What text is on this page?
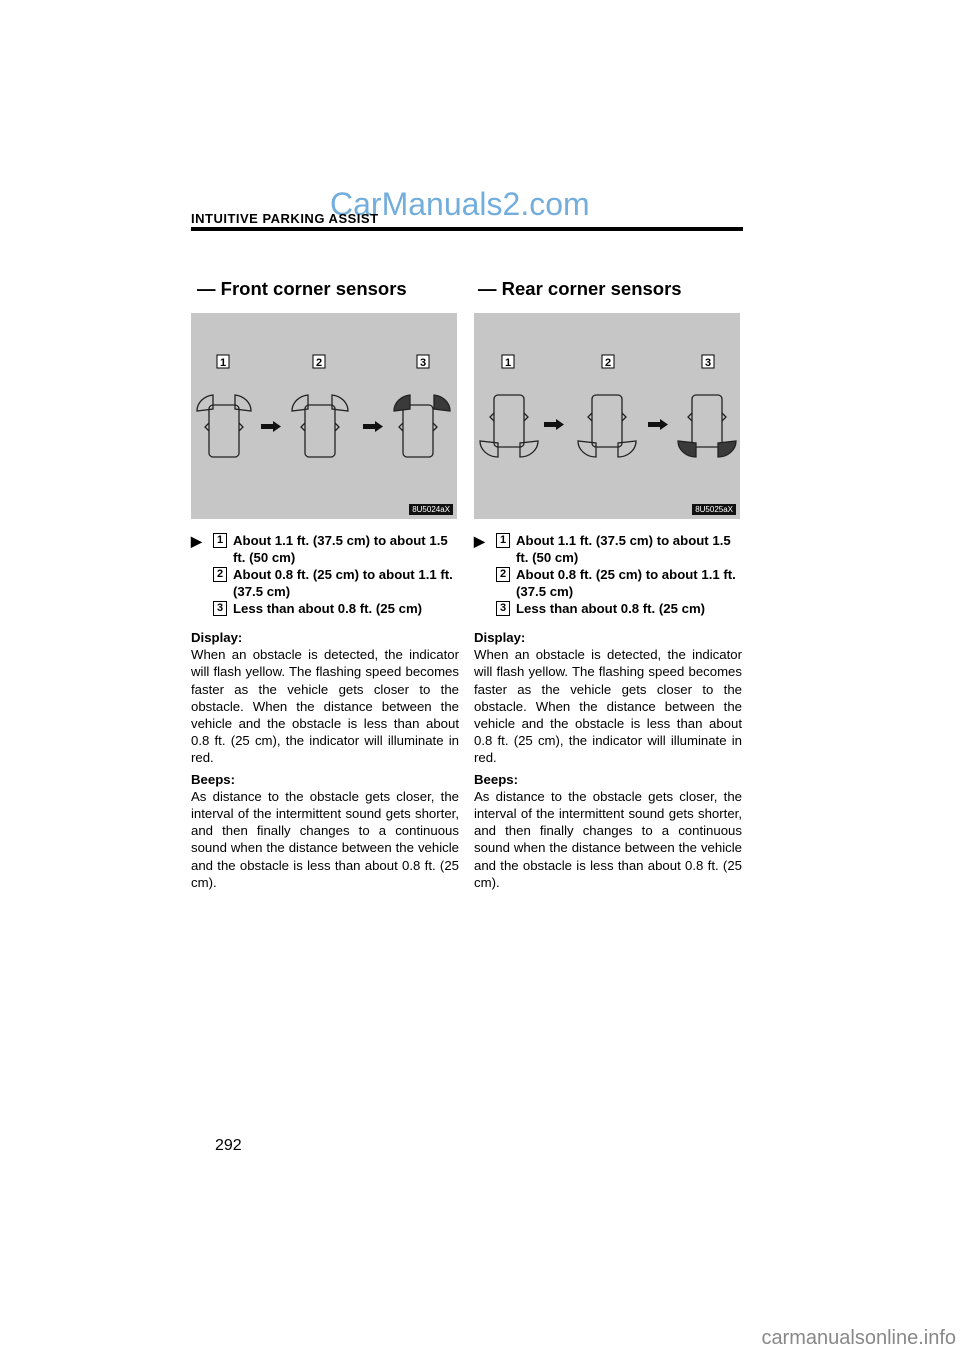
CarManuals2.com
INTUITIVE PARKING ASSIST
— Front corner sensors
1	2	3
8U5024aX
▶	1 About 1.1 ft. (37.5 cm) to about 1.5 ft. (50 cm)
2 About 0.8 ft. (25 cm) to about 1.1 ft. (37.5 cm)
3 Less than about 0.8 ft. (25 cm)

Display:
When an obstacle is detected, the indicator will flash yellow. The flashing speed becomes faster as the vehicle gets closer to the obstacle. When the distance between the vehicle and the obstacle is less than about 0.8 ft. (25 cm), the indicator will illuminate in red.

Beeps:
As distance to the obstacle gets closer, the interval of the intermittent sound gets shorter, and then finally changes to a continuous sound when the distance between the vehicle and the obstacle is less than about 0.8 ft. (25 cm).

— Rear corner sensors
1	2	3
8U5025aX
▶	1 About 1.1 ft. (37.5 cm) to about 1.5 ft. (50 cm)
2 About 0.8 ft. (25 cm) to about 1.1 ft. (37.5 cm)
3 Less than about 0.8 ft. (25 cm)

Display:
When an obstacle is detected, the indicator will flash yellow. The flashing speed becomes faster as the vehicle gets closer to the obstacle. When the distance between the vehicle and the obstacle is less than about 0.8 ft. (25 cm), the indicator will illuminate in red.

Beeps:
As distance to the obstacle gets closer, the interval of the intermittent sound gets shorter, and then finally changes to a continuous sound when the distance between the vehicle and the obstacle is less than about 0.8 ft. (25 cm).

292
carmanualsonline.info
